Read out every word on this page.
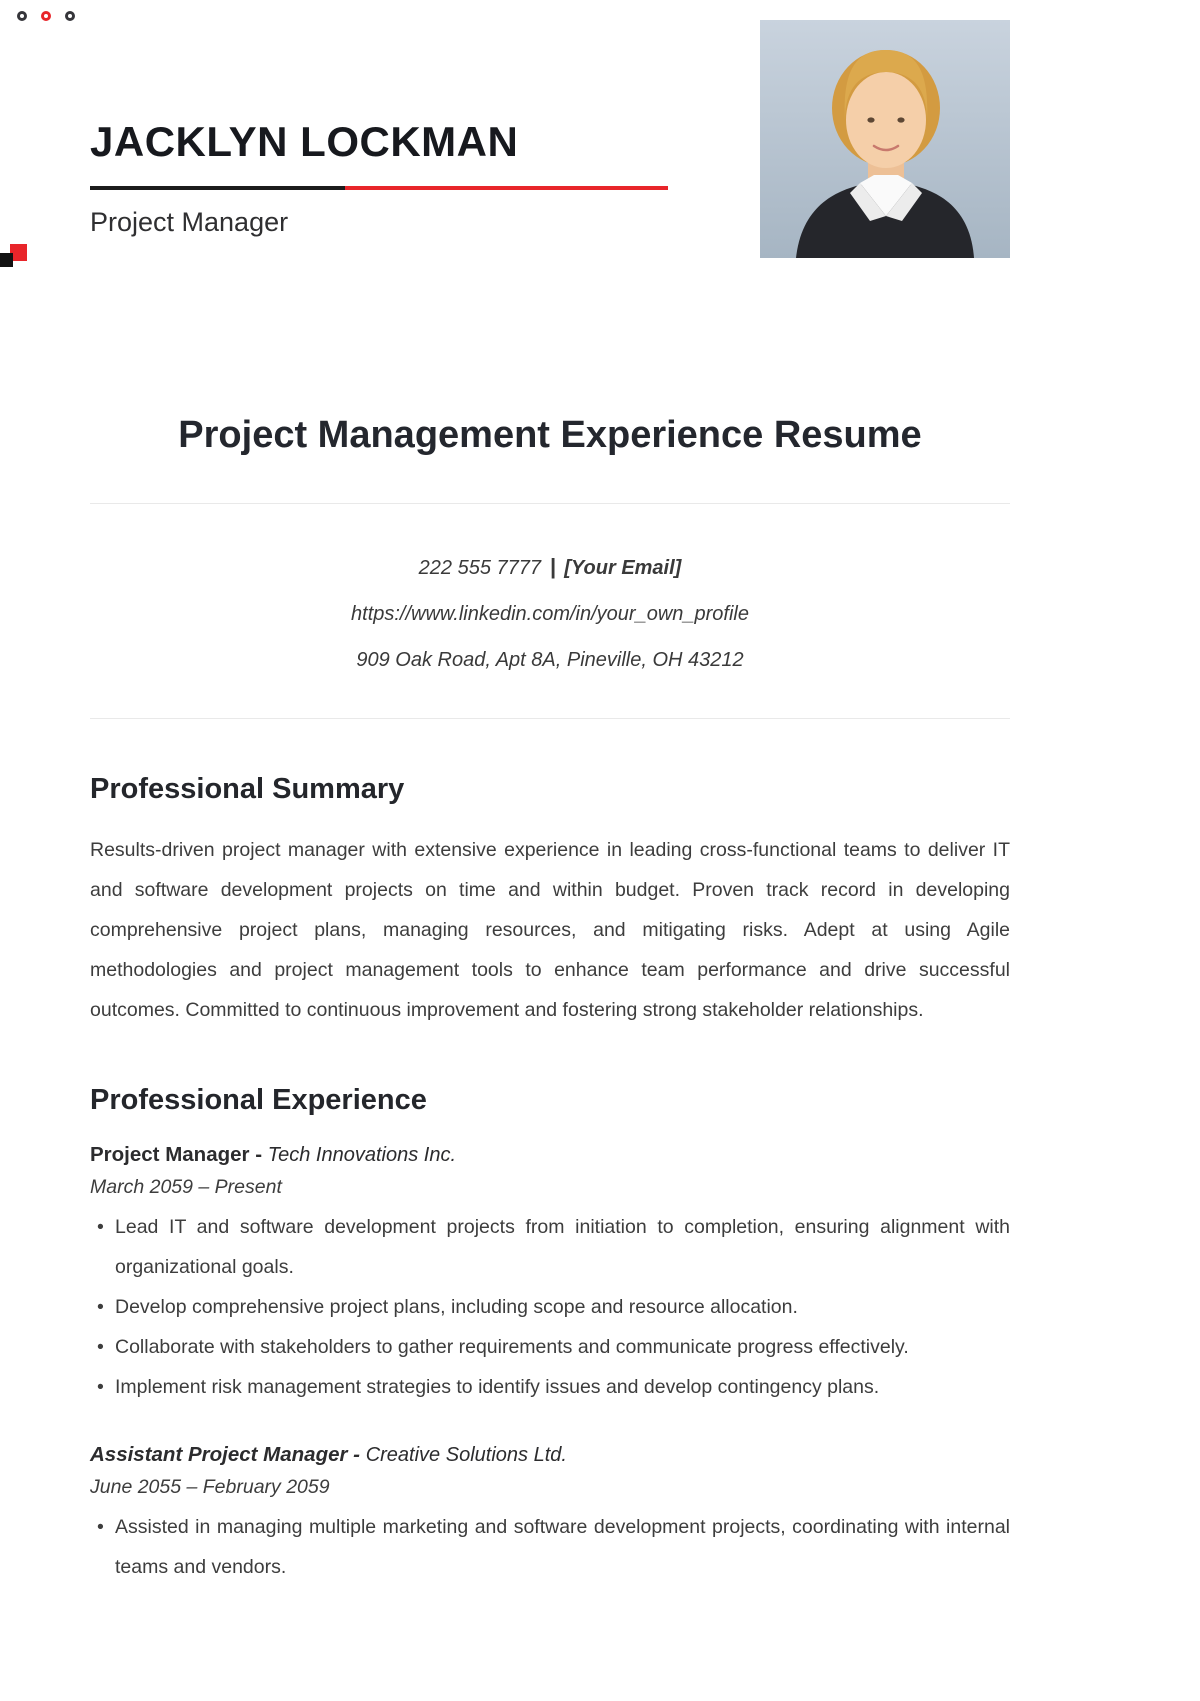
JACKLYN LOCKMAN
Project Manager
Project Management Experience Resume
222 555 7777 | [Your Email]
https://www.linkedin.com/in/your_own_profile
909 Oak Road, Apt 8A, Pineville, OH 43212
Professional Summary

Results-driven project manager with extensive experience in leading cross-functional teams to deliver IT and software development projects on time and within budget. Proven track record in developing comprehensive project plans, managing resources, and mitigating risks. Adept at using Agile methodologies and project management tools to enhance team performance and drive successful outcomes. Committed to continuous improvement and fostering strong stakeholder relationships.

Professional Experience
Project Manager - Tech Innovations Inc.
March 2059 – Present
• Lead IT and software development projects from initiation to completion, ensuring alignment with organizational goals.
• Develop comprehensive project plans, including scope and resource allocation.
• Collaborate with stakeholders to gather requirements and communicate progress effectively.
• Implement risk management strategies to identify issues and develop contingency plans.
Assistant Project Manager - Creative Solutions Ltd.
June 2055 – February 2059
• Assisted in managing multiple marketing and software development projects, coordinating with internal teams and vendors.
